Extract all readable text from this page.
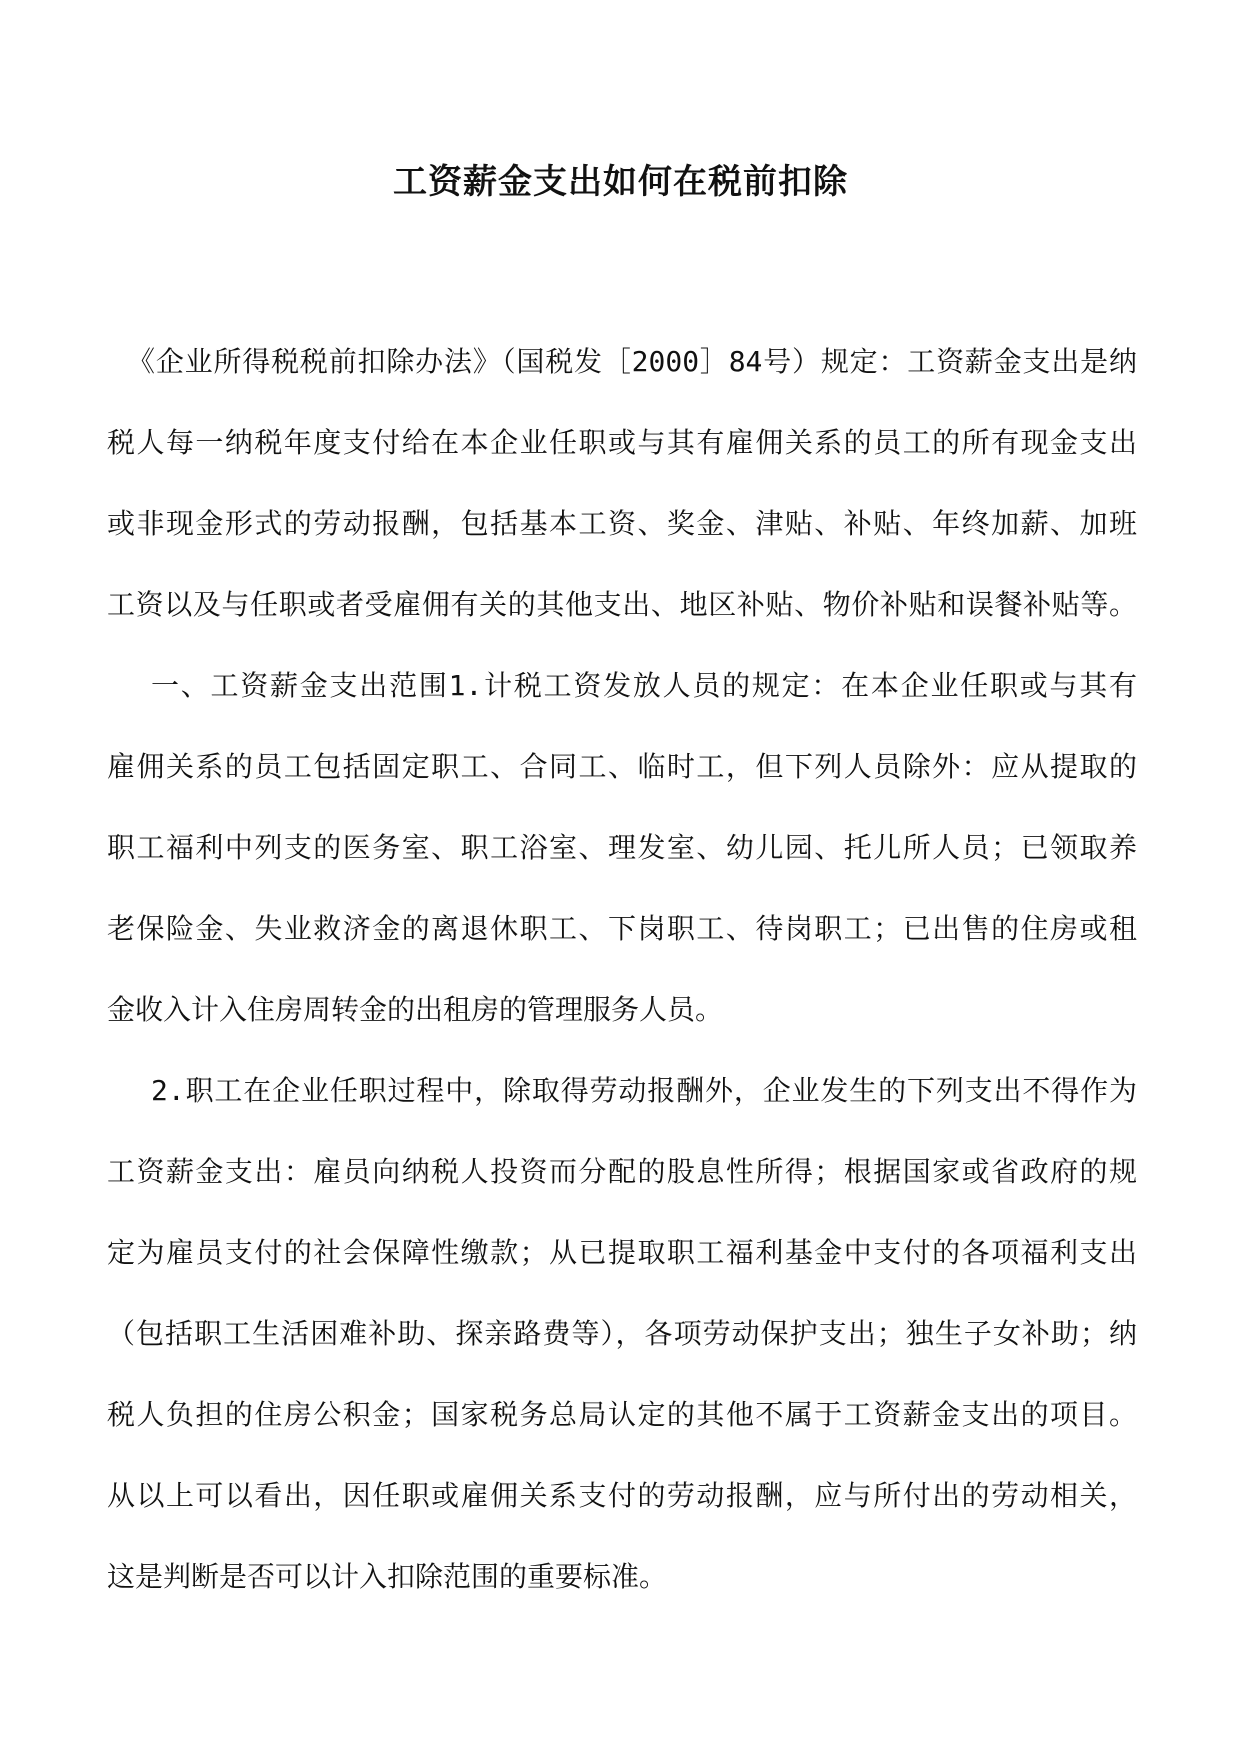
工资薪金支出如何在税前扣除
《企业所得税税前扣除办法》（国税发［2000］84号）规定：工资薪金支出是纳
税人每一纳税年度支付给在本企业任职或与其有雇佣关系的员工的所有现金支出
或非现金形式的劳动报酬，包括基本工资、奖金、津贴、补贴、年终加薪、加班
工资以及与任职或者受雇佣有关的其他支出、地区补贴、物价补贴和误餐补贴等。
一、工资薪金支出范围1.计税工资发放人员的规定：在本企业任职或与其有
雇佣关系的员工包括固定职工、合同工、临时工，但下列人员除外：应从提取的
职工福利中列支的医务室、职工浴室、理发室、幼儿园、托儿所人员；已领取养
老保险金、失业救济金的离退休职工、下岗职工、待岗职工；已出售的住房或租
金收入计入住房周转金的出租房的管理服务人员。
2.职工在企业任职过程中，除取得劳动报酬外，企业发生的下列支出不得作为
工资薪金支出：雇员向纳税人投资而分配的股息性所得；根据国家或省政府的规
定为雇员支付的社会保障性缴款；从已提取职工福利基金中支付的各项福利支出
（包括职工生活困难补助、探亲路费等），各项劳动保护支出；独生子女补助；纳
税人负担的住房公积金；国家税务总局认定的其他不属于工资薪金支出的项目。
从以上可以看出，因任职或雇佣关系支付的劳动报酬，应与所付出的劳动相关，
这是判断是否可以计入扣除范围的重要标准。
